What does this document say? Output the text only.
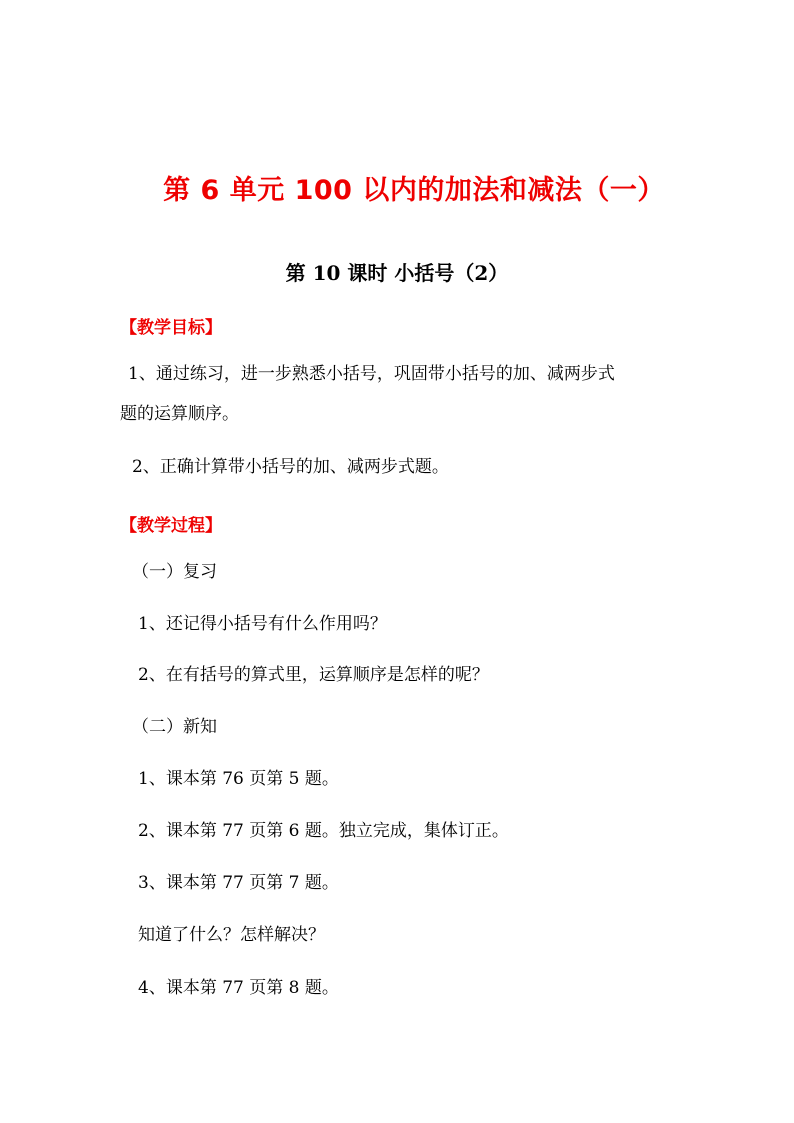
第 6 单元 100 以内的加法和减法（一）
第 10 课时 小括号（2）
【教学目标】
1、通过练习，进一步熟悉小括号，巩固带小括号的加、减两步式
题的运算顺序。
2、正确计算带小括号的加、减两步式题。
【教学过程】
（一）复习
1、还记得小括号有什么作用吗？
2、在有括号的算式里，运算顺序是怎样的呢？
（二）新知
1、课本第 76 页第 5 题。
2、课本第 77 页第 6 题。独立完成，集体订正。
3、课本第 77 页第 7 题。
知道了什么？怎样解决？
4、课本第 77 页第 8 题。
